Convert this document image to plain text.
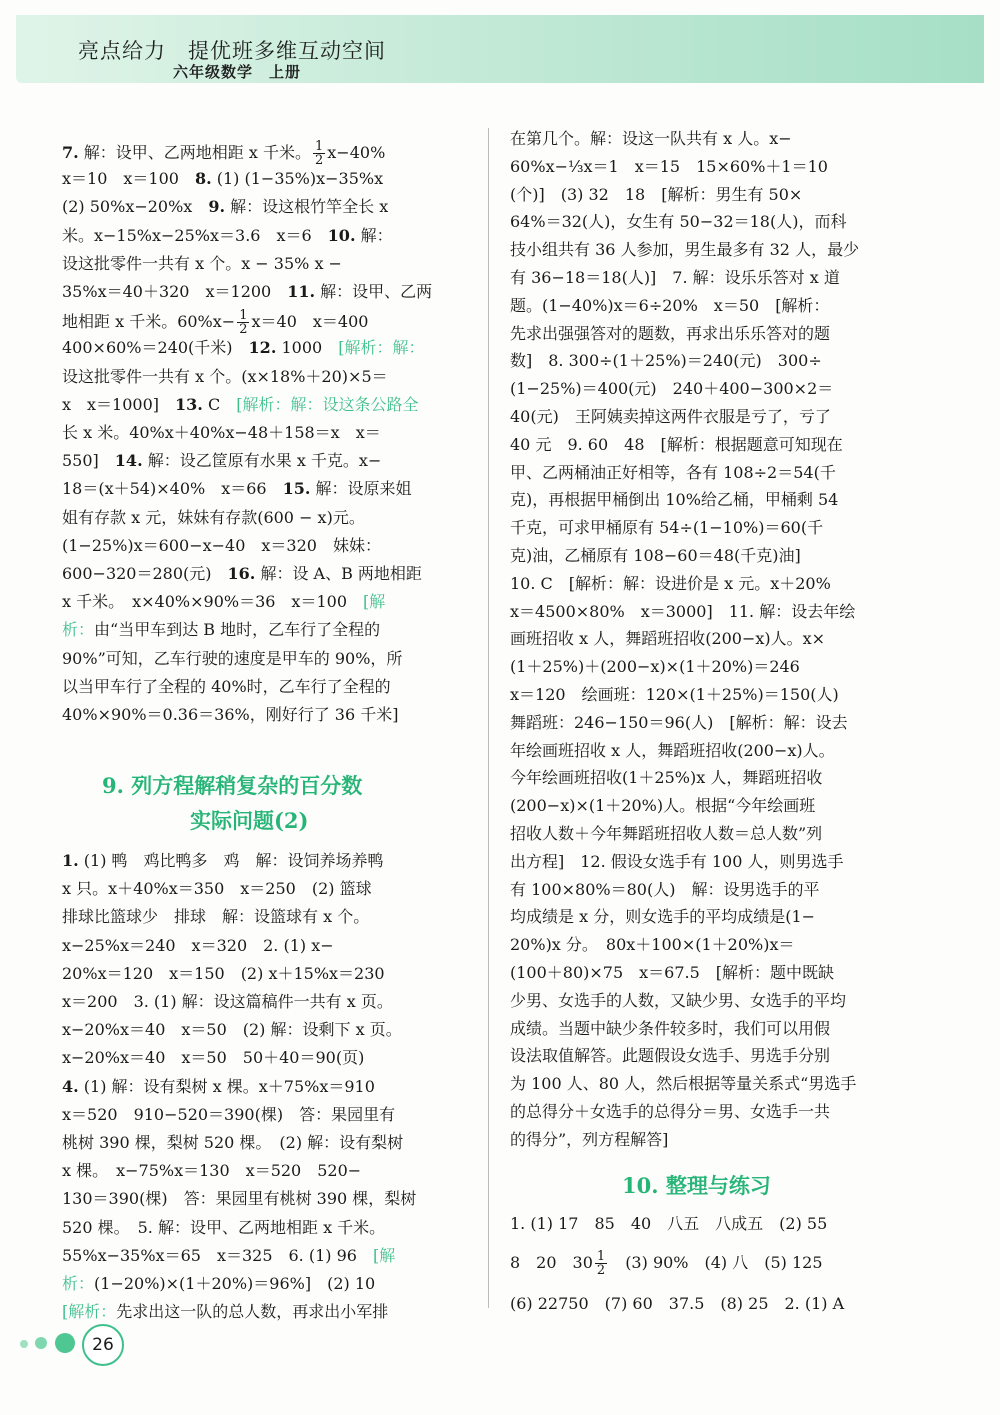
亮点给力　提优班多维互动空间
六年级数学　上册
26
7. 解：设甲、乙两地相距 x 千米。 $\frac{1}{2} x-40\%$
x＝10　x＝100　8. (1) (1−35%)x−35%x
(2) 50%x−20%x　9. 解：设这根竹竿全长 x
米。x−15%x−25%x＝3.6　x＝6　10. 解：
设这批零件一共有 x 个。x − 35% x −
35%x＝40＋320　x＝1200　11. 解：设甲、乙两
地相距 x 千米。$60\%x- \frac{1}{2} x=40$　x＝400
400×60%＝240(千米)　12. 1000　[解析：解：
设这批零件一共有 x 个。(x×18%＋20)×5＝
x　x＝1000]　13. C　[解析：解：设这条公路全
长 x 米。40%x＋40%x−48＋158＝x　x＝
550]　14. 解：设乙筐原有水果 x 千克。x−
18＝(x＋54)×40%　x＝66　15. 解：设原来姐
姐有存款 x 元，妹妹有存款(600 − x)元。
(1−25%)x＝600−x−40　x＝320　妹妹：
600−320＝280(元)　16. 解：设 A、B 两地相距
x 千米。　x×40%×90%＝36　x＝100　[解
析：由“当甲车到达 B 地时，乙车行了全程的
90%”可知，乙车行驶的速度是甲车的 90%，所
以当甲车行了全程的 40%时，乙车行了全程的
40%×90%＝0.36＝36%，刚好行了 36 千米]
9. 列方程解稍复杂的百分数
实际问题(2)
1. (1) 鸭　鸡比鸭多　鸡　解：设饲养场养鸭
x 只。x＋40%x＝350　x＝250　(2) 篮球
排球比篮球少　排球　解：设篮球有 x 个。
x−25%x＝240　x＝320　2. (1) x−
20%x＝120　x＝150　(2) x＋15%x＝230
x＝200　3. (1) 解：设这篇稿件一共有 x 页。
x−20%x＝40　x＝50　(2) 解：设剩下 x 页。
x−20%x＝40　x＝50　50＋40＝90(页)
4. (1) 解：设有梨树 x 棵。x＋75%x＝910
x＝520　910−520＝390(棵)　答：果园里有
桃树 390 棵，梨树 520 棵。　(2) 解：设有梨树
x 棵。　x−75%x＝130　x＝520　520−
130＝390(棵)　答：果园里有桃树 390 棵，梨树
520 棵。　5. 解：设甲、乙两地相距 x 千米。
55%x−35%x＝65　x＝325　6. (1) 96　[解
析：(1−20%)×(1＋20%)＝96%]　(2) 10
[解析：先求出这一队的总人数，再求出小军排
在第几个。解：设这一队共有 x 人。x−
60%x−⅓x＝1　x＝15　15×60%＋1＝10
(个)]　(3) 32　18　[解析：男生有 50×
64%＝32(人)，女生有 50−32＝18(人)，而科
技小组共有 36 人参加，男生最多有 32 人，最少
有 36−18＝18(人)]　7. 解：设乐乐答对 x 道
题。(1−40%)x＝6÷20%　x＝50　[解析：
先求出强强答对的题数，再求出乐乐答对的题
数]　8. 300÷(1＋25%)＝240(元)　300÷
(1−25%)＝400(元)　240＋400−300×2＝
40(元)　王阿姨卖掉这两件衣服是亏了，亏了
40 元　9. 60　48　[解析：根据题意可知现在
甲、乙两桶油正好相等，各有 108÷2＝54(千
克)，再根据甲桶倒出 10%给乙桶，甲桶剩 54
千克，可求甲桶原有 54÷(1−10%)＝60(千
克)油，乙桶原有 108−60＝48(千克)油]
10. C　[解析：解：设进价是 x 元。x＋20%
x＝4500×80%　x＝3000]　11. 解：设去年绘
画班招收 x 人，舞蹈班招收(200−x)人。x×
(1＋25%)＋(200−x)×(1＋20%)＝246
x＝120　绘画班：120×(1＋25%)＝150(人)
舞蹈班：246−150＝96(人)　[解析：解：设去
年绘画班招收 x 人，舞蹈班招收(200−x)人。
今年绘画班招收(1＋25%)x 人，舞蹈班招收
(200−x)×(1＋20%)人。根据“今年绘画班
招收人数＋今年舞蹈班招收人数＝总人数”列
出方程]　12. 假设女选手有 100 人，则男选手
有 100×80%＝80(人)　解：设男选手的平
均成绩是 x 分，则女选手的平均成绩是(1−
20%)x 分。　80x＋100×(1＋20%)x＝
(100＋80)×75　x＝67.5　[解析：题中既缺
少男、女选手的人数，又缺少男、女选手的平均
成绩。当题中缺少条件较多时，我们可以用假
设法取值解答。此题假设女选手、男选手分别
为 100 人、80 人，然后根据等量关系式“男选手
的总得分＋女选手的总得分＝男、女选手一共
的得分”，列方程解答]
10. 整理与练习
1. (1) 17　85　40　八五　八成五　(2) 55
8　20　$30 \frac{1}{2}$ 　(3) 90%　(4) 八　(5) 125
(6) 22750　(7) 60　37.5　(8) 25　2. (1) A
